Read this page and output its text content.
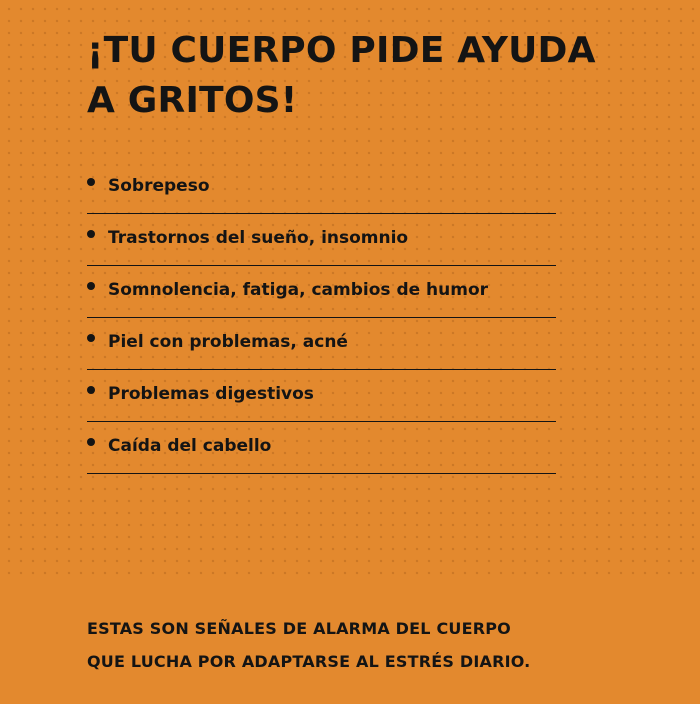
¡TU CUERPO PIDE AYUDA
A GRITOS!
Sobrepeso
Trastornos del sueño, insomnio
Somnolencia, fatiga, cambios de humor
Piel con problemas, acné
Problemas digestivos
Caída del cabello

ESTAS SON SEÑALES DE ALARMA DEL CUERPO
QUE LUCHA POR ADAPTARSE AL ESTRÉS DIARIO.
